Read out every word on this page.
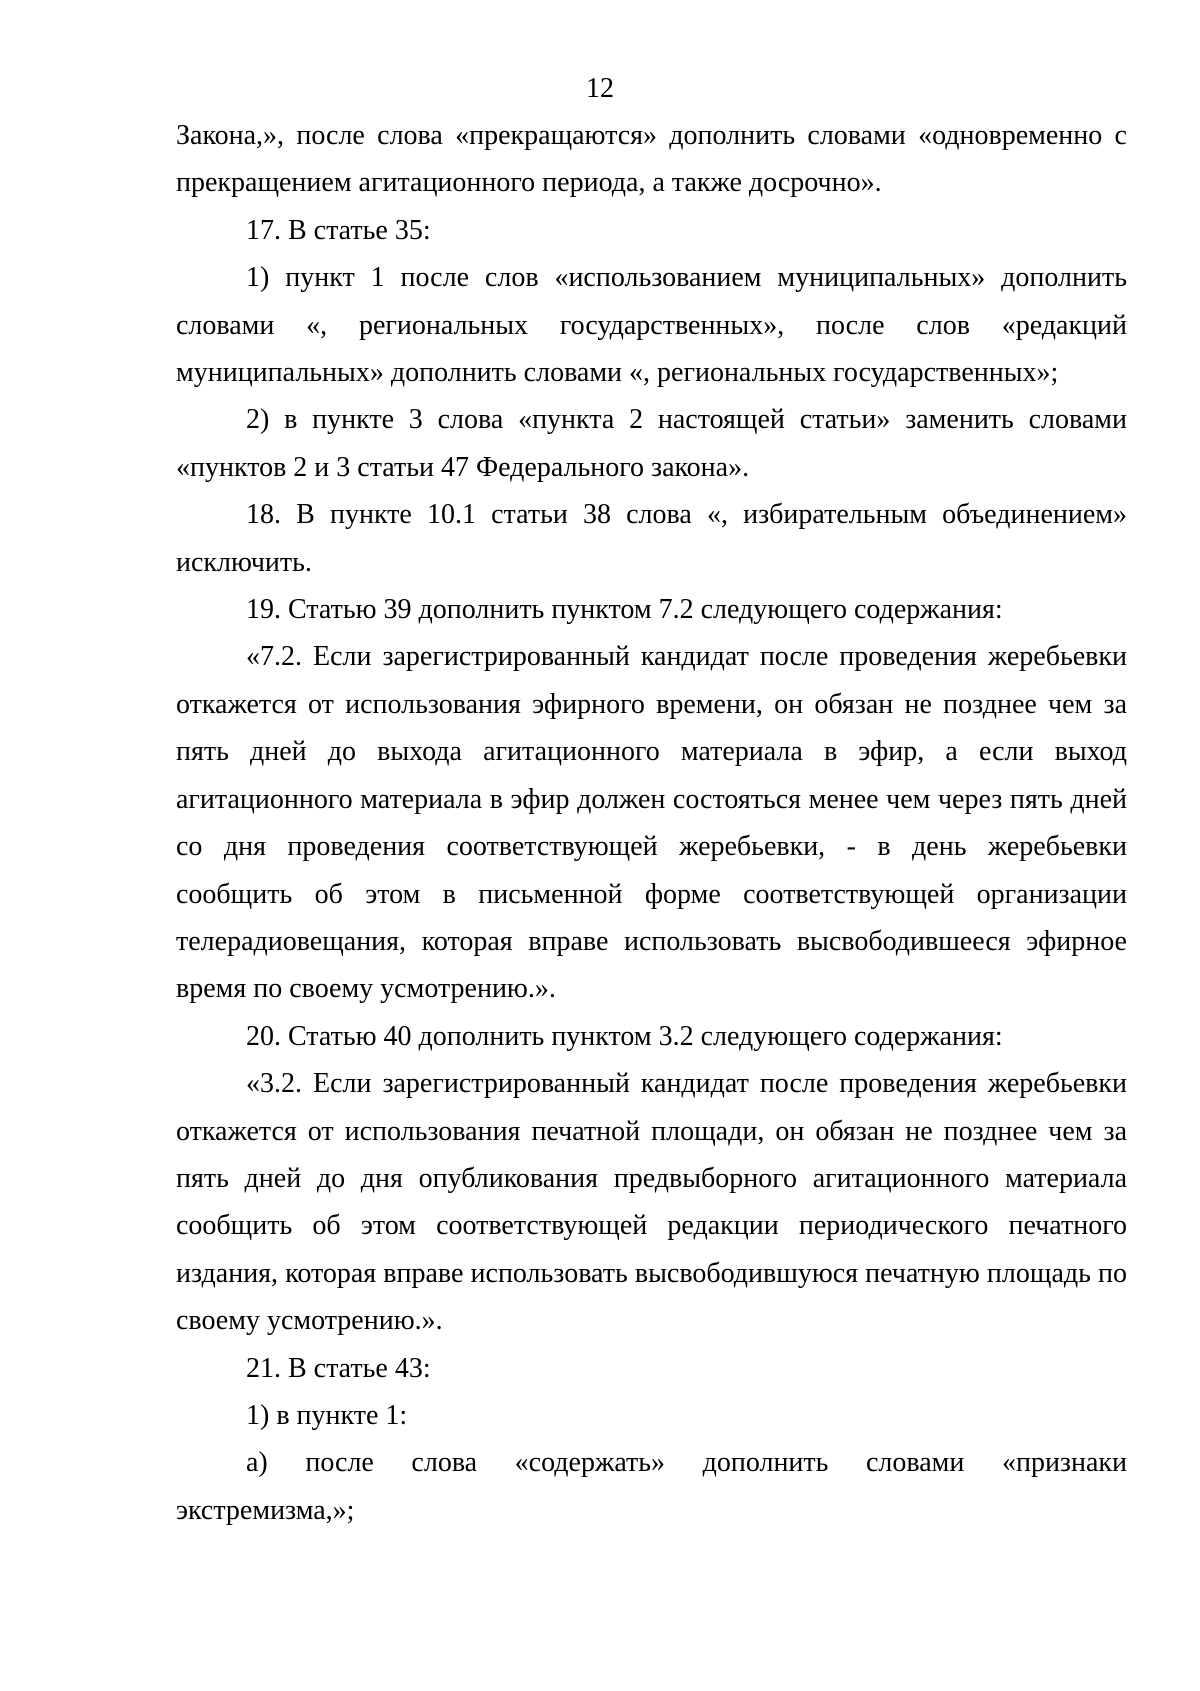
12

Закона,», после слова «прекращаются» дополнить словами «одновременно с прекращением агитационного периода, а также досрочно».

17. В статье 35:

1) пункт 1 после слов «использованием муниципальных» дополнить словами «, региональных государственных», после слов «редакций муниципальных» дополнить словами «, региональных государственных»;

2) в пункте 3 слова «пункта 2 настоящей статьи» заменить словами «пунктов 2 и 3 статьи 47 Федерального закона».

18. В пункте 10.1 статьи 38 слова «, избирательным объединением» исключить.

19. Статью 39 дополнить пунктом 7.2 следующего содержания:

«7.2. Если зарегистрированный кандидат после проведения жеребьевки откажется от использования эфирного времени, он обязан не позднее чем за пять дней до выхода агитационного материала в эфир, а если выход агитационного материала в эфир должен состояться менее чем через пять дней со дня проведения соответствующей жеребьевки, - в день жеребьевки сообщить об этом в письменной форме соответствующей организации телерадиовещания, которая вправе использовать высвободившееся эфирное время по своему усмотрению.».

20. Статью 40 дополнить пунктом 3.2 следующего содержания:

«3.2. Если зарегистрированный кандидат после проведения жеребьевки откажется от использования печатной площади, он обязан не позднее чем за пять дней до дня опубликования предвыборного агитационного материала сообщить об этом соответствующей редакции периодического печатного издания, которая вправе использовать высвободившуюся печатную площадь по своему усмотрению.».

21. В статье 43:

1) в пункте 1:

а) после слова «содержать» дополнить словами «признаки экстремизма,»;
